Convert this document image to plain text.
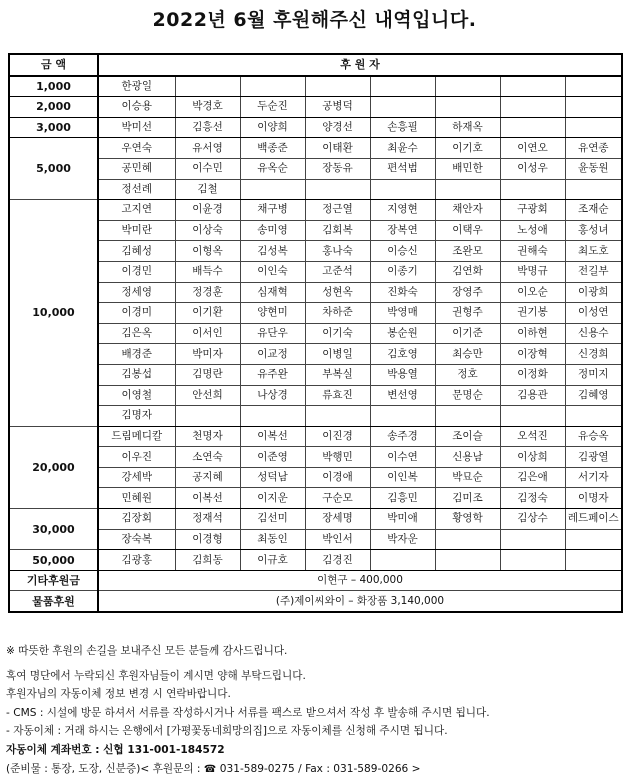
2022년 6월 후원해주신 내역입니다.
금 액	후 원 자							
1,000	한광일							
2,000	이승용	박경호	두순진	공병덕				
3,000	박미선	김흥선	이양희	양경선	손흥필	하재옥		
5,000	우연숙	유서영	백종준	이태환	최윤수	이기호	이연오	유연종
	공민혜	이수민	유옥순	장동유	편석범	배민한	이성우	윤동원
	정선례	김철						
10,000	고지연	이윤경	채구병	정근열	지영현	채안자	구광회	조재순
	박미란	이상숙	송미영	김회복	장복연	이택우	노성애	홍성녀
	김혜성	이형옥	김성복	홍나숙	이승신	조완모	권해숙	최도호
	이경민	배득수	이인숙	고준석	이종기	김연화	박명규	전길부
	정세영	정경훈	심재혁	성현옥	진화숙	장영주	이오순	이광희
	이경미	이기환	양현미	차하준	박영매	권형주	권기봉	이성연
	김은옥	이서인	유단우	이기숙	봉순원	이기준	이하현	신용수
	배경준	박미자	이교정	이병일	김호영	최승만	이장혁	신경희
	김봉섭	김명란	유주완	부복실	박용열	정호	이정화	정미지
	이영철	안선희	나상경	류효진	변선영	문명순	김용관	김혜영
	김명자							
20,000	드림메디칼	천명자	이복선	이진경	송주경	조이슬	오석진	유승옥
	이우진	소연숙	이준영	박행민	이수연	신용남	이상희	김광열
	강세박	공지혜	성덕남	이경애	이인복	박묘순	김은애	서기자
	민혜원	이복선	이지운	구순모	김흥민	김미조	김정숙	이명자
30,000	김장회	정재석	김선미	장세명	박미애	황영학	김상수	레드페이스
	장숙복	이경형	최동인	박인서	박자운			
50,000	김광홍	김희동	이규호	김경진				
기타후원금	이현구 – 400,000							
물품후원	(주)제이씨와이 – 화장품 3,140,000							
※ 따뜻한 후원의 손길을 보내주신 모든 분들께 감사드립니다.
혹여 명단에서 누락되신 후원자님들이 계시면 양해 부탁드립니다.
후원자님의 자동이체 정보 변경 시 연락바랍니다.
- CMS : 시설에 방문 하셔서 서류를 작성하시거나 서류를 팩스로 받으셔서 작성 후 발송해 주시면 됩니다.
- 자동이체 : 거래 하시는 은행에서 [가평꽃동네희망의집]으로 자동이체를 신청해 주시면 됩니다.
자동이체 계좌번호 : 신협 131-001-184572
(준비물 : 통장, 도장, 신분증)< 후원문의 : ☎ 031-589-0275 / Fax : 031-589-0266 >
